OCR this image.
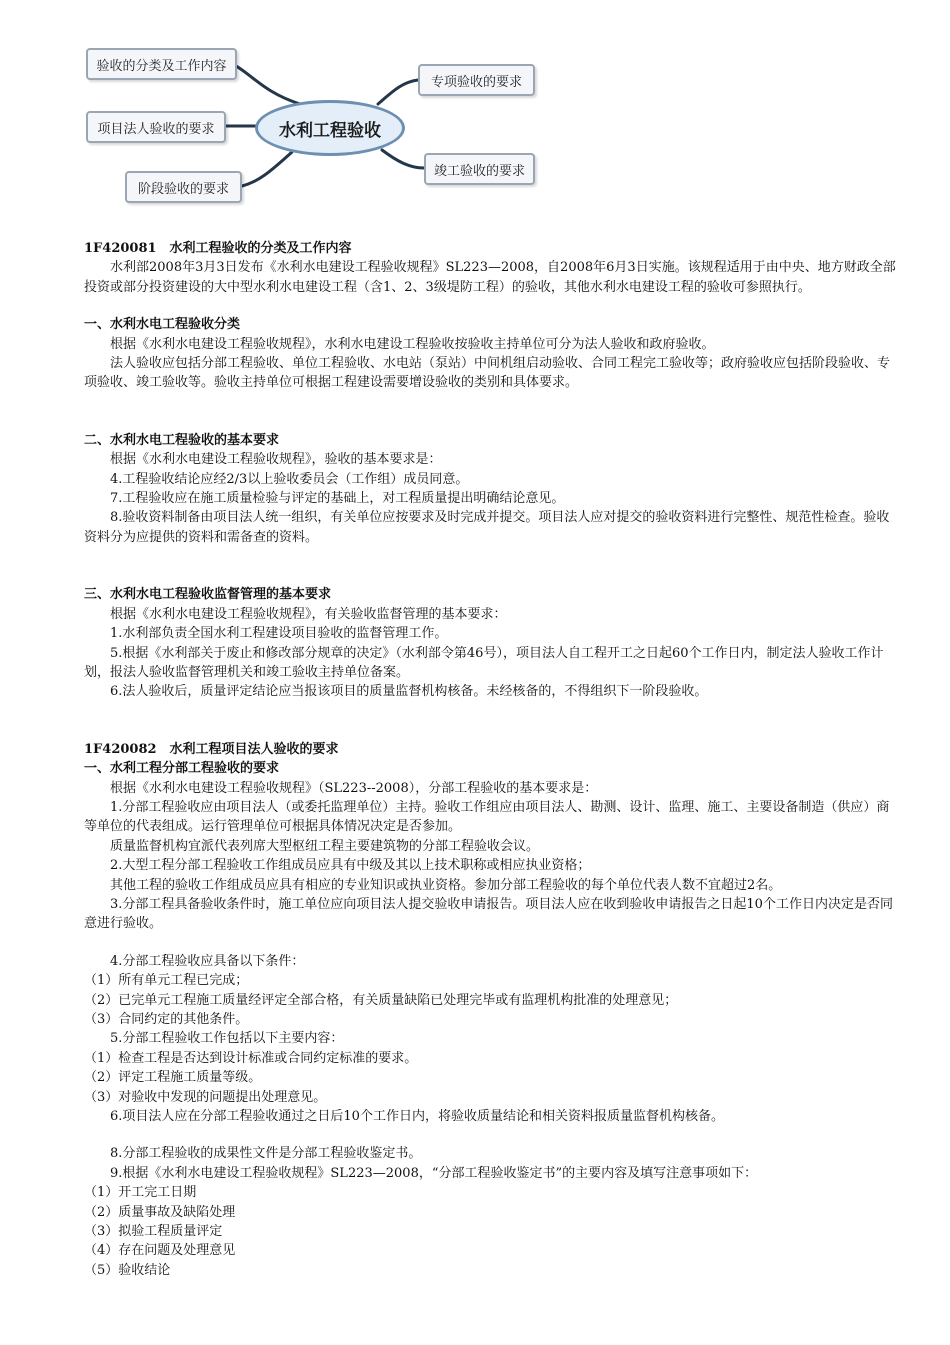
验收的分类及工作内容
项目法人验收的要求
阶段验收的要求
专项验收的要求
竣工验收的要求
水利工程验收

1F420081　水利工程验收的分类及工作内容

水利部2008年3月3日发布《水利水电建设工程验收规程》SL223—2008，自2008年6月3日实施。该规程适用于由中央、地方财政全部投资或部分投资建设的大中型水利水电建设工程（含1、2、3级堤防工程）的验收，其他水利水电建设工程的验收可参照执行。

一、水利水电工程验收分类

根据《水利水电建设工程验收规程》，水利水电建设工程验收按验收主持单位可分为法人验收和政府验收。

法人验收应包括分部工程验收、单位工程验收、水电站（泵站）中间机组启动验收、合同工程完工验收等；政府验收应包括阶段验收、专项验收、竣工验收等。验收主持单位可根据工程建设需要增设验收的类别和具体要求。

二、水利水电工程验收的基本要求

根据《水利水电建设工程验收规程》，验收的基本要求是：

4.工程验收结论应经2/3以上验收委员会（工作组）成员同意。

7.工程验收应在施工质量检验与评定的基础上，对工程质量提出明确结论意见。

8.验收资料制备由项目法人统一组织，有关单位应按要求及时完成并提交。项目法人应对提交的验收资料进行完整性、规范性检查。验收资料分为应提供的资料和需备查的资料。

三、水利水电工程验收监督管理的基本要求

根据《水利水电建设工程验收规程》，有关验收监督管理的基本要求：

1.水利部负责全国水利工程建设项目验收的监督管理工作。

5.根据《水利部关于废止和修改部分规章的决定》（水利部令第46号），项目法人自工程开工之日起60个工作日内，制定法人验收工作计划，报法人验收监督管理机关和竣工验收主持单位备案。

6.法人验收后，质量评定结论应当报该项目的质量监督机构核备。未经核备的，不得组织下一阶段验收。

1F420082　水利工程项目法人验收的要求

一、水利工程分部工程验收的要求

根据《水利水电建设工程验收规程》（SL223--2008），分部工程验收的基本要求是：

1.分部工程验收应由项目法人（或委托监理单位）主持。验收工作组应由项目法人、勘测、设计、监理、施工、主要设备制造（供应）商等单位的代表组成。运行管理单位可根据具体情况决定是否参加。

质量监督机构宜派代表列席大型枢纽工程主要建筑物的分部工程验收会议。

2.大型工程分部工程验收工作组成员应具有中级及其以上技术职称或相应执业资格；

其他工程的验收工作组成员应具有相应的专业知识或执业资格。参加分部工程验收的每个单位代表人数不宜超过2名。

3.分部工程具备验收条件时，施工单位应向项目法人提交验收申请报告。项目法人应在收到验收申请报告之日起10个工作日内决定是否同意进行验收。

4.分部工程验收应具备以下条件：

（1）所有单元工程已完成；

（2）已完单元工程施工质量经评定全部合格，有关质量缺陷已处理完毕或有监理机构批准的处理意见；

（3）合同约定的其他条件。

5.分部工程验收工作包括以下主要内容：

（1）检查工程是否达到设计标准或合同约定标准的要求。

（2）评定工程施工质量等级。

（3）对验收中发现的问题提出处理意见。

6.项目法人应在分部工程验收通过之日后10个工作日内，将验收质量结论和相关资料报质量监督机构核备。

8.分部工程验收的成果性文件是分部工程验收鉴定书。

9.根据《水利水电建设工程验收规程》SL223—2008，“分部工程验收鉴定书”的主要内容及填写注意事项如下：

（1）开工完工日期

（2）质量事故及缺陷处理

（3）拟验工程质量评定

（4）存在问题及处理意见

（5）验收结论
